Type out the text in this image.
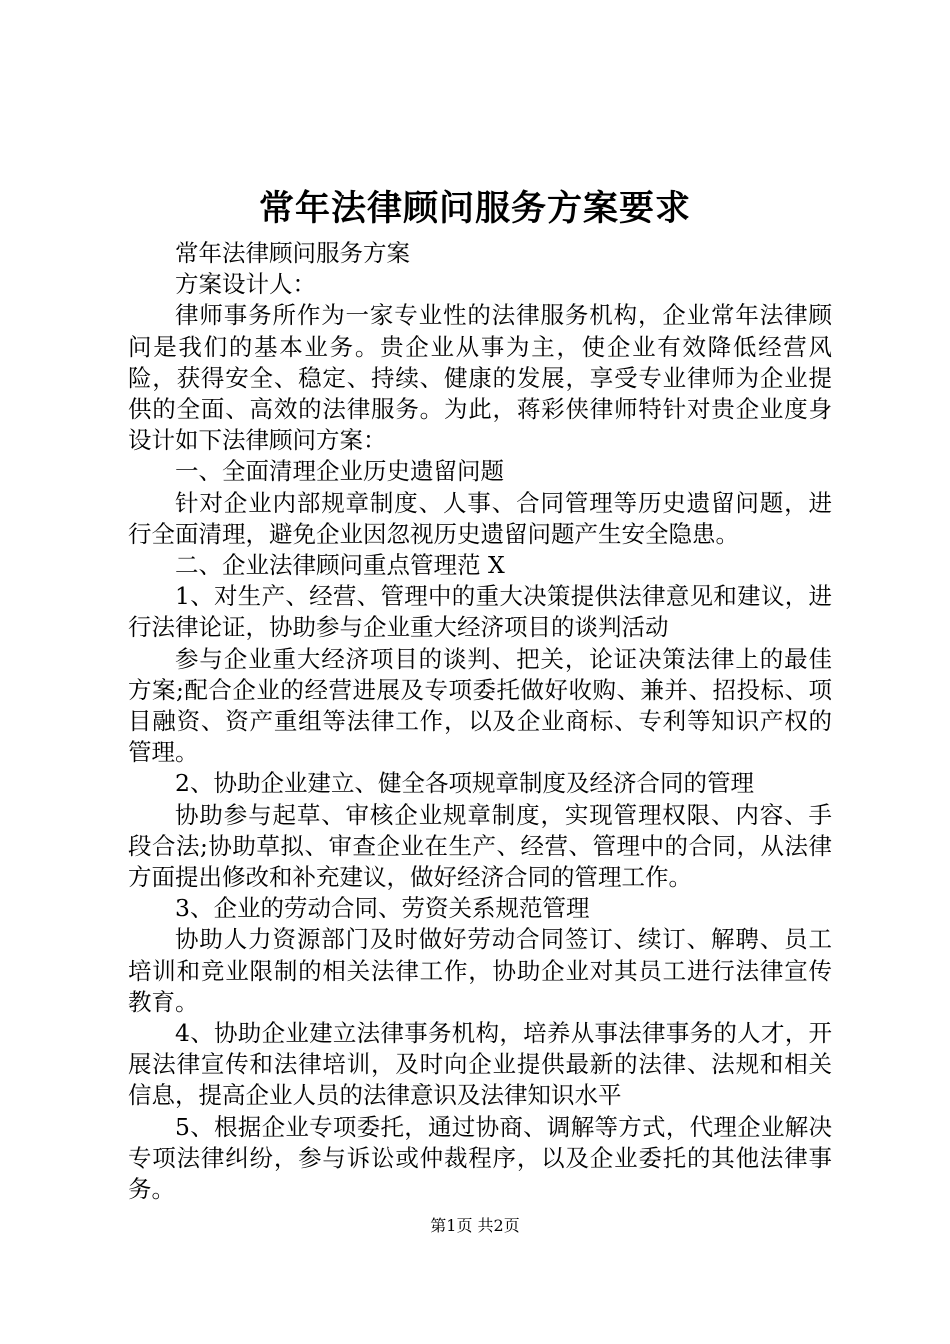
常年法律顾问服务方案要求

常年法律顾问服务方案

方案设计人：

律师事务所作为一家专业性的法律服务机构，企业常年法律顾问是我们的基本业务。贵企业从事为主，使企业有效降低经营风险，获得安全、稳定、持续、健康的发展，享受专业律师为企业提供的全面、高效的法律服务。为此，蒋彩侠律师特针对贵企业度身设计如下法律顾问方案：

一、全面清理企业历史遗留问题

针对企业内部规章制度、人事、合同管理等历史遗留问题，进行全面清理，避免企业因忽视历史遗留问题产生安全隐患。

二、企业法律顾问重点管理范 X

1、对生产、经营、管理中的重大决策提供法律意见和建议，进行法律论证，协助参与企业重大经济项目的谈判活动

参与企业重大经济项目的谈判、把关，论证决策法律上的最佳方案;配合企业的经营进展及专项委托做好收购、兼并、招投标、项目融资、资产重组等法律工作，以及企业商标、专利等知识产权的管理。

2、协助企业建立、健全各项规章制度及经济合同的管理

协助参与起草、审核企业规章制度，实现管理权限、内容、手段合法;协助草拟、审查企业在生产、经营、管理中的合同，从法律方面提出修改和补充建议，做好经济合同的管理工作。

3、企业的劳动合同、劳资关系规范管理

协助人力资源部门及时做好劳动合同签订、续订、解聘、员工培训和竞业限制的相关法律工作，协助企业对其员工进行法律宣传教育。

4、协助企业建立法律事务机构，培养从事法律事务的人才，开展法律宣传和法律培训，及时向企业提供最新的法律、法规和相关信息，提高企业人员的法律意识及法律知识水平

5、根据企业专项委托，通过协商、调解等方式，代理企业解决专项法律纠纷，参与诉讼或仲裁程序，以及企业委托的其他法律事务。

第1页 共2页
